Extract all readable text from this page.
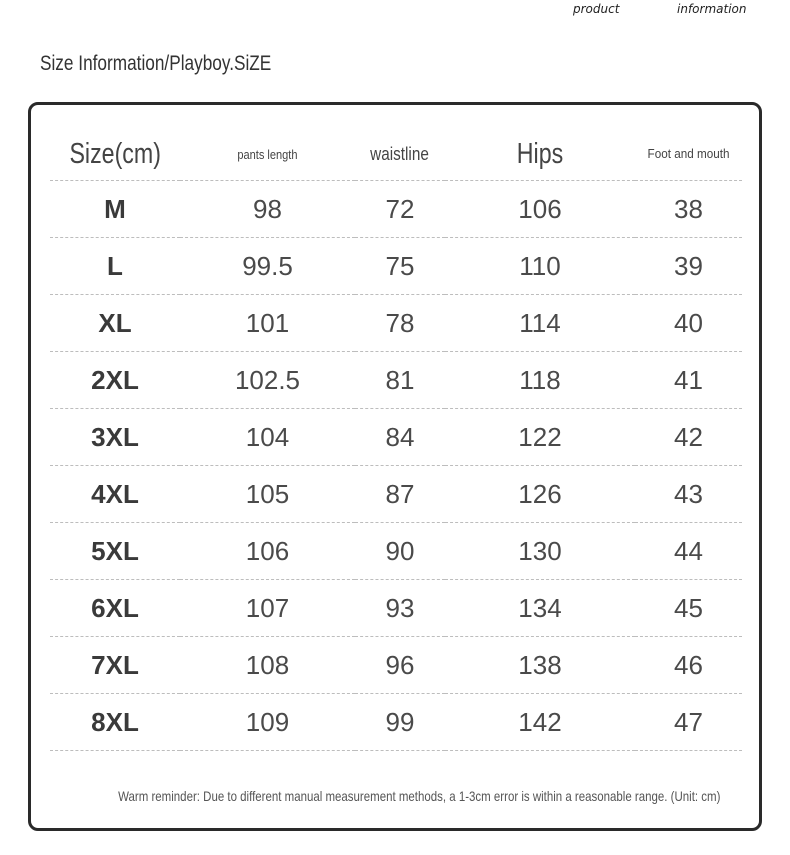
product	information
Size Information/Playboy.SiZE
Size(cm)	pants length	waistline	Hips	Foot and mouth
M	98	72	106	38
L	99.5	75	110	39
XL	101	78	114	40
2XL	102.5	81	118	41
3XL	104	84	122	42
4XL	105	87	126	43
5XL	106	90	130	44
6XL	107	93	134	45
7XL	108	96	138	46
8XL	109	99	142	47
Warm reminder: Due to different manual measurement methods, a 1-3cm error is within a reasonable range. (Unit: cm)
